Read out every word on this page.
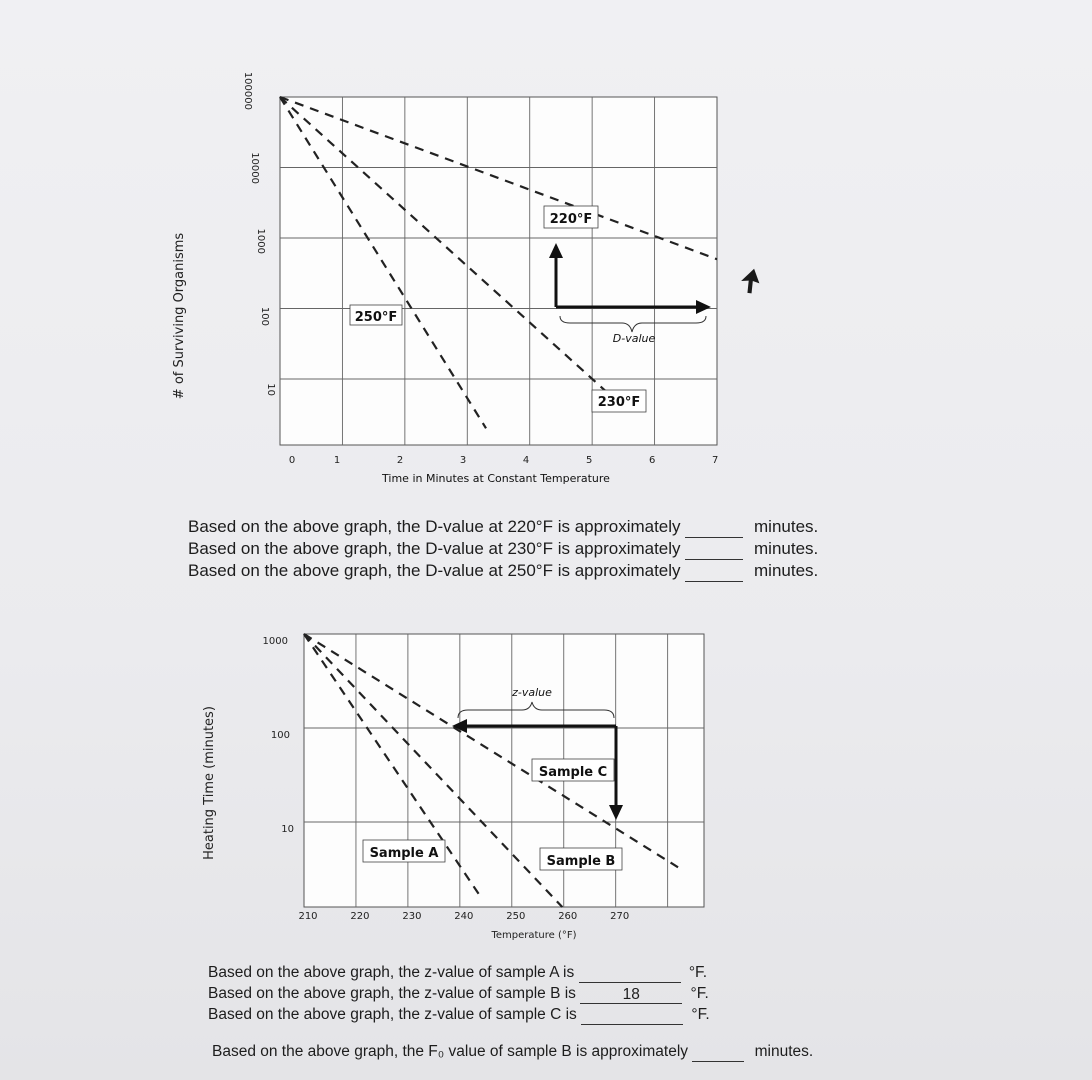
100000
10000
1000
100
10
0	1	2	3	4	5	6	7
# of Surviving Organisms
Time in Minutes at Constant Temperature
220°F
250°F
230°F
D-value
Based on the above graph, the D-value at 220°F is approximately	minutes.
Based on the above graph, the D-value at 230°F is approximately	minutes.
Based on the above graph, the D-value at 250°F is approximately	minutes.
1000
100
10
210	220	230	240	250	260	270
Heating Time (minutes)
Temperature (°F)
Sample A
Sample B
Sample C
z-value
Based on the above graph, the z-value of sample A is	°F.
Based on the above graph, the z-value of sample B is	18	°F.
Based on the above graph, the z-value of sample C is	°F.
Based on the above graph, the F₀ value of sample B is approximately	minutes.
